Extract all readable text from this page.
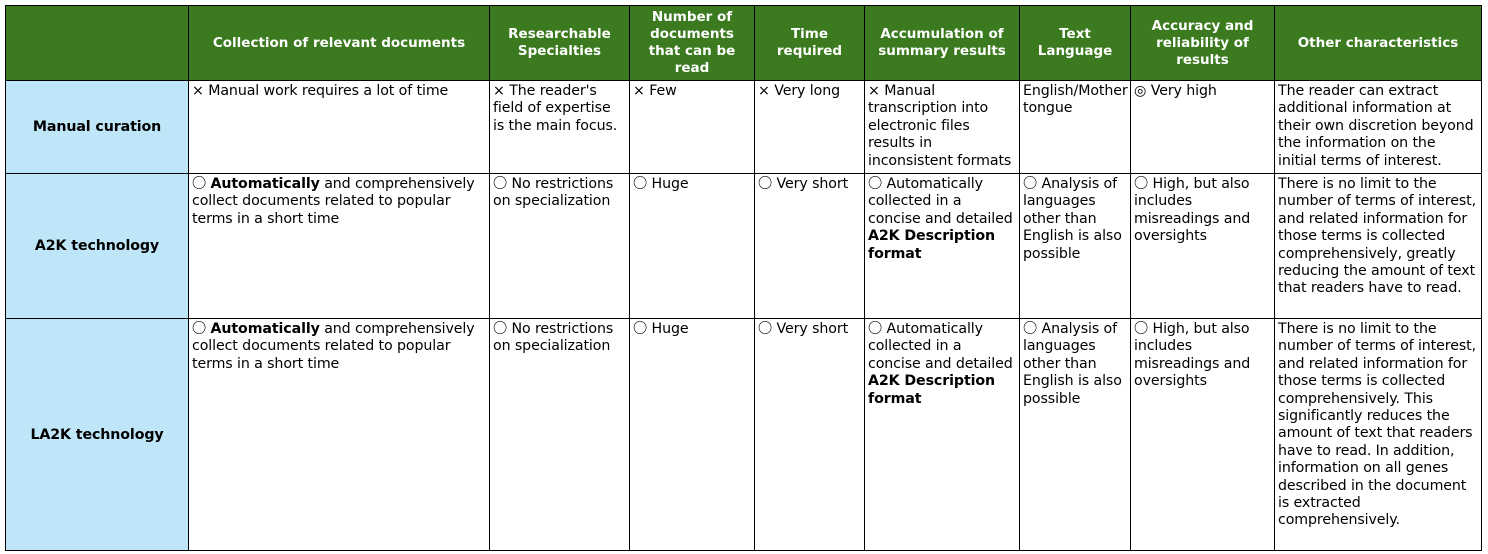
	Collection of relevant documents	Researchable Specialties	Number of documents that can be read	Time required	Accumulation of summary results	Text Language	Accuracy and reliability of results	Other characteristics
Manual curation	× Manual work requires a lot of time	× The reader's field of expertise is the main focus.	× Few	× Very long	× Manual transcription into electronic files results in inconsistent formats	English/Mother tongue	◎ Very high	The reader can extract additional information at their own discretion beyond the information on the initial terms of interest.
A2K technology	〇 Automatically and comprehensively collect documents related to popular terms in a short time	〇 No restrictions on specialization	〇 Huge	〇 Very short	〇 Automatically collected in a concise and detailed A2K Description format	〇 Analysis of languages other than English is also possible	〇 High, but also includes misreadings and oversights	There is no limit to the number of terms of interest, and related information for those terms is collected comprehensively, greatly reducing the amount of text that readers have to read.
LA2K technology	〇 Automatically and comprehensively collect documents related to popular terms in a short time	〇 No restrictions on specialization	〇 Huge	〇 Very short	〇 Automatically collected in a concise and detailed A2K Description format	〇 Analysis of languages other than English is also possible	〇 High, but also includes misreadings and oversights	There is no limit to the number of terms of interest, and related information for those terms is collected comprehensively. This significantly reduces the amount of text that readers have to read. In addition, information on all genes described in the document is extracted comprehensively.
